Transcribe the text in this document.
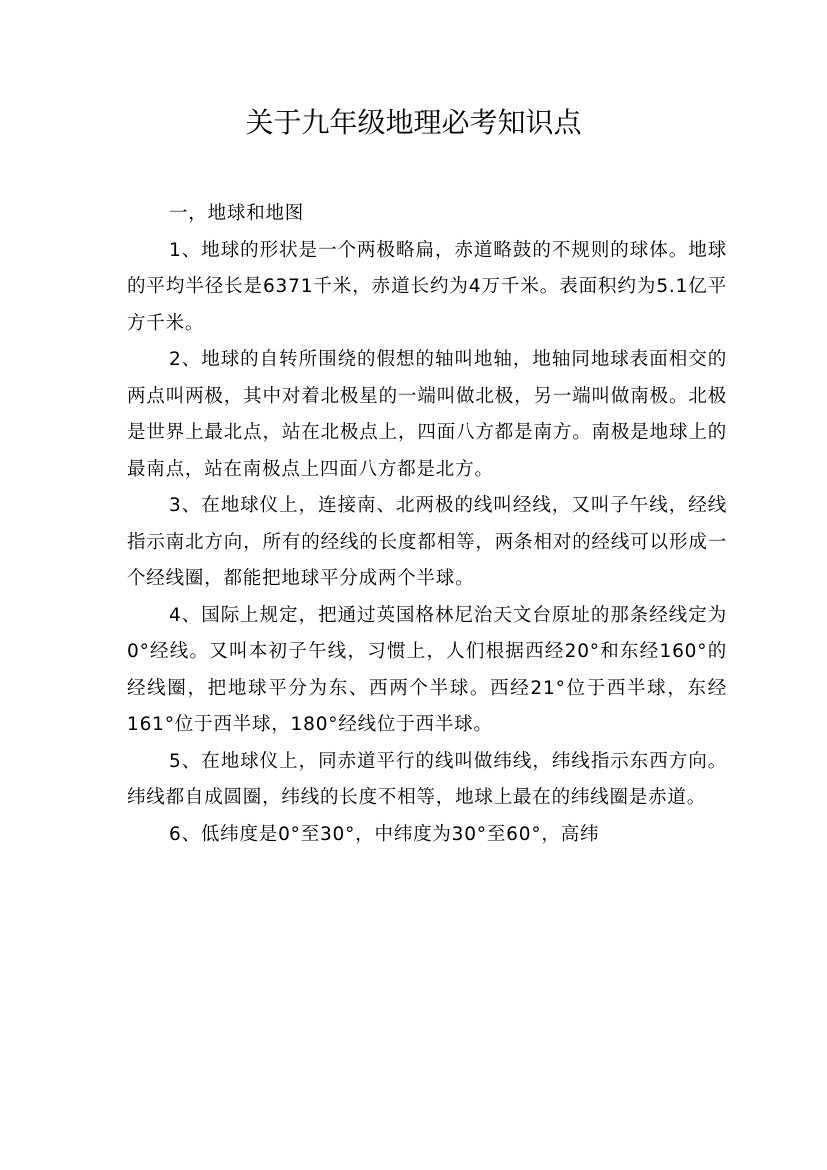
关于九年级地理必考知识点

一，地球和地图

1、地球的形状是一个两极略扁，赤道略鼓的不规则的球体。地球的平均半径长是6371千米，赤道长约为4万千米。表面积约为5.1亿平方千米。

2、地球的自转所围绕的假想的轴叫地轴，地轴同地球表面相交的两点叫两极，其中对着北极星的一端叫做北极，另一端叫做南极。北极是世界上最北点，站在北极点上，四面八方都是南方。南极是地球上的最南点，站在南极点上四面八方都是北方。

3、在地球仪上，连接南、北两极的线叫经线，又叫子午线，经线指示南北方向，所有的经线的长度都相等，两条相对的经线可以形成一个经线圈，都能把地球平分成两个半球。

4、国际上规定，把通过英国格林尼治天文台原址的那条经线定为0°经线。又叫本初子午线，习惯上，人们根据西经20°和东经160°的经线圈，把地球平分为东、西两个半球。西经21°位于西半球，东经161°位于西半球，180°经线位于西半球。

5、在地球仪上，同赤道平行的线叫做纬线，纬线指示东西方向。纬线都自成圆圈，纬线的长度不相等，地球上最在的纬线圈是赤道。

6、低纬度是0°至30°，中纬度为30°至60°，高纬
